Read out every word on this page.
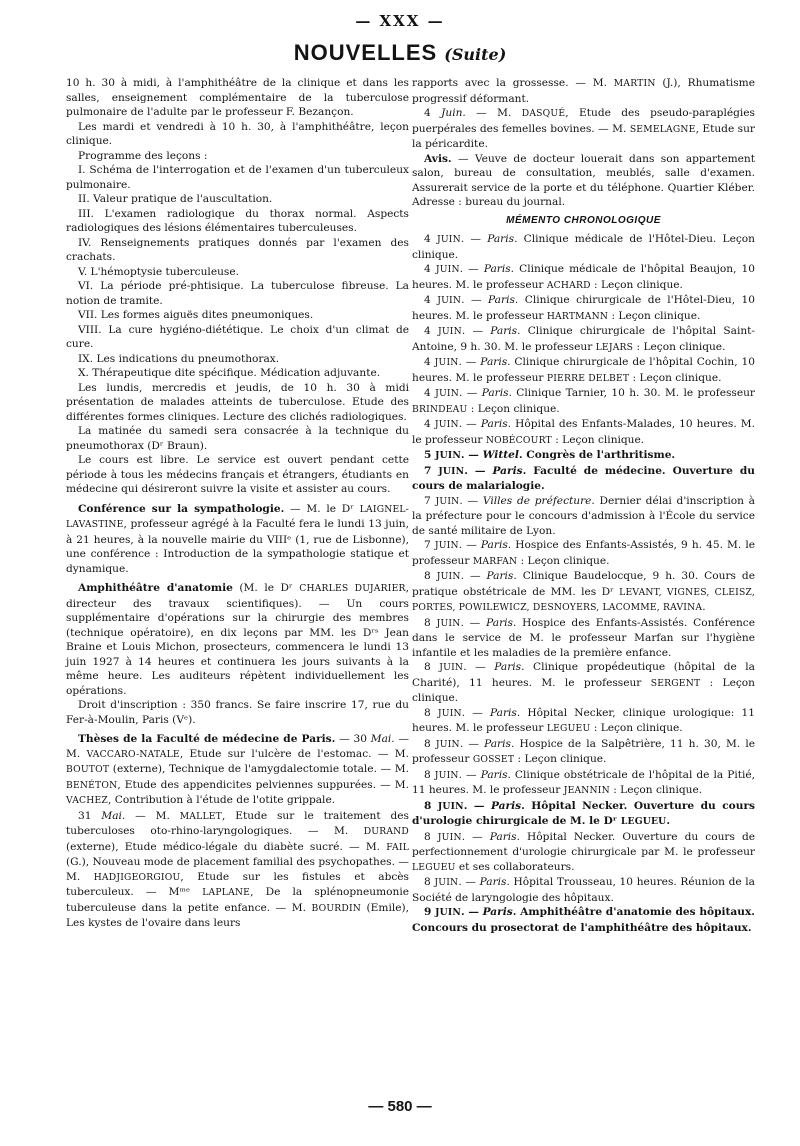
— XXX —
NOUVELLES (Suite)

10 h. 30 à midi, à l'amphithéâtre de la clinique et dans les salles, enseignement complémentaire de la tuberculose pulmonaire de l'adulte par le professeur F. Bezançon.

Les mardi et vendredi à 10 h. 30, à l'amphithéâtre, leçon clinique.

Programme des leçons :

I. Schéma de l'interrogation et de l'examen d'un tuberculeux pulmonaire.

II. Valeur pratique de l'auscultation.

III. L'examen radiologique du thorax normal. Aspects radiologiques des lésions élémentaires tuberculeuses.

IV. Renseignements pratiques donnés par l'examen des crachats.

V. L'hémoptysie tuberculeuse.

VI. La période pré-phtisique. La tuberculose fibreuse. La notion de tramite.

VII. Les formes aiguës dites pneumoniques.

VIII. La cure hygiéno-diététique. Le choix d'un climat de cure.

IX. Les indications du pneumothorax.

X. Thérapeutique dite spécifique. Médication adjuvante.

Les lundis, mercredis et jeudis, de 10 h. 30 à midi présentation de malades atteints de tuberculose. Etude des différentes formes cliniques. Lecture des clichés radiologiques.

La matinée du samedi sera consacrée à la technique du pneumothorax (Dʳ Braun).

Le cours est libre. Le service est ouvert pendant cette période à tous les médecins français et étrangers, étudiants en médecine qui désireront suivre la visite et assister au cours.

Conférence sur la sympathologie. — M. le Dʳ LAIGNEL-LAVASTINE, professeur agrégé à la Faculté fera le lundi 13 juin, à 21 heures, à la nouvelle mairie du VIIIᵉ (1, rue de Lisbonne), une conférence : Introduction de la sympathologie statique et dynamique.

Amphithéâtre d'anatomie (M. le Dʳ CHARLES DUJARIER, directeur des travaux scientifiques). — Un cours supplémentaire d'opérations sur la chirurgie des membres (technique opératoire), en dix leçons par MM. les Dʳˢ Jean Braine et Louis Michon, prosecteurs, commencera le lundi 13 juin 1927 à 14 heures et continuera les jours suivants à la même heure. Les auditeurs répètent individuellement les opérations.

Droit d'inscription : 350 francs. Se faire inscrire 17, rue du Fer-à-Moulin, Paris (Vᵉ).

Thèses de la Faculté de médecine de Paris. — 30 Mai. — M. VACCARO-NATALE, Etude sur l'ulcère de l'estomac. — M. BOUTOT (externe), Technique de l'amygdalectomie totale. — M. BENÉTON, Etude des appendicites pelviennes suppurées. — M. VACHEZ, Contribution à l'étude de l'otite grippale.

31 Mai. — M. MALLET, Etude sur le traitement des tuberculoses oto-rhino-laryngologiques. — M. DURAND (externe), Etude médico-légale du diabète sucré. — M. FAIL (G.), Nouveau mode de placement familial des psychopathes. — M. HADJIGEORGIOU, Etude sur les fistules et abcès tuberculeux. — Mᵐᵉ LAPLANE, De la splénopneumonie tuberculeuse dans la petite enfance. — M. BOURDIN (Emile), Les kystes de l'ovaire dans leurs

rapports avec la grossesse. — M. MARTIN (J.), Rhumatisme progressif déformant.

4 Juin. — M. DASQUÉ, Etude des pseudo-paraplégies puerpérales des femelles bovines. — M. SEMELAGNE, Etude sur la péricardite.

Avis. — Veuve de docteur louerait dans son appartement salon, bureau de consultation, meublés, salle d'examen. Assurerait service de la porte et du téléphone. Quartier Kléber. Adresse : bureau du journal.

MÉMENTO CHRONOLOGIQUE

4 JUIN. — Paris. Clinique médicale de l'Hôtel-Dieu. Leçon clinique.

4 JUIN. — Paris. Clinique médicale de l'hôpital Beaujon, 10 heures. M. le professeur ACHARD : Leçon clinique.

4 JUIN. — Paris. Clinique chirurgicale de l'Hôtel-Dieu, 10 heures. M. le professeur HARTMANN : Leçon clinique.

4 JUIN. — Paris. Clinique chirurgicale de l'hôpital Saint-Antoine, 9 h. 30. M. le professeur LEJARS : Leçon clinique.

4 JUIN. — Paris. Clinique chirurgicale de l'hôpital Cochin, 10 heures. M. le professeur PIERRE DELBET : Leçon clinique.

4 JUIN. — Paris. Clinique Tarnier, 10 h. 30. M. le professeur BRINDEAU : Leçon clinique.

4 JUIN. — Paris. Hôpital des Enfants-Malades, 10 heures. M. le professeur NOBÉCOURT : Leçon clinique.

5 JUIN. — Wittel. Congrès de l'arthritisme.

7 JUIN. — Paris. Faculté de médecine. Ouverture du cours de malarialogie.

7 JUIN. — Villes de préfecture. Dernier délai d'inscription à la préfecture pour le concours d'admission à l'École du service de santé militaire de Lyon.

7 JUIN. — Paris. Hospice des Enfants-Assistés, 9 h. 45. M. le professeur MARFAN : Leçon clinique.

8 JUIN. — Paris. Clinique Baudelocque, 9 h. 30. Cours de pratique obstétricale de MM. les Dʳ LEVANT, VIGNES, CLEISZ, PORTES, POWILEWICZ, DESNOYERS, LACOMME, RAVINA.

8 JUIN. — Paris. Hospice des Enfants-Assistés. Conférence dans le service de M. le professeur Marfan sur l'hygiène infantile et les maladies de la première enfance.

8 JUIN. — Paris. Clinique propédeutique (hôpital de la Charité), 11 heures. M. le professeur SERGENT : Leçon clinique.

8 JUIN. — Paris. Hôpital Necker, clinique urologique: 11 heures. M. le professeur LEGUEU : Leçon clinique.

8 JUIN. — Paris. Hospice de la Salpêtrière, 11 h. 30, M. le professeur GOSSET : Leçon clinique.

8 JUIN. — Paris. Clinique obstétricale de l'hôpital de la Pitié, 11 heures. M. le professeur JEANNIN : Leçon clinique.

8 JUIN. — Paris. Hôpital Necker. Ouverture du cours d'urologie chirurgicale de M. le Dʳ LEGUEU.

8 JUIN. — Paris. Hôpital Necker. Ouverture du cours de perfectionnement d'urologie chirurgicale par M. le professeur LEGUEU et ses collaborateurs.

8 JUIN. — Paris. Hôpital Trousseau, 10 heures. Réunion de la Société de laryngologie des hôpitaux.

9 JUIN. — Paris. Amphithéâtre d'anatomie des hôpitaux. Concours du prosectorat de l'amphithéâtre des hôpitaux.

— 580 —
